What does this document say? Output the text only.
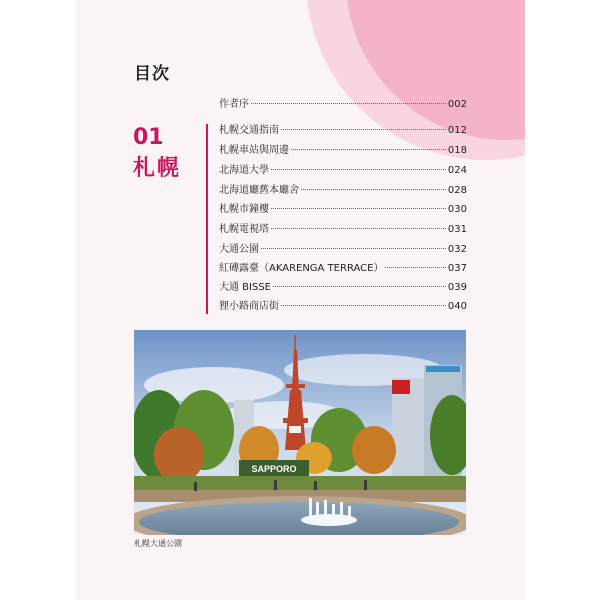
目次
01
札幌
作者序	002
札幌交通指南	012
札幌車站與周邊	018
北海道大學	024
北海道廳舊本廳舍	028
札幌市鐘樓	030
札幌電視塔	031
大通公園	032
紅磚露臺（AKARENGA TERRACE）	037
大通 BISSE	039
狸小路商店街	040
SAPPORO
札幌大通公園
